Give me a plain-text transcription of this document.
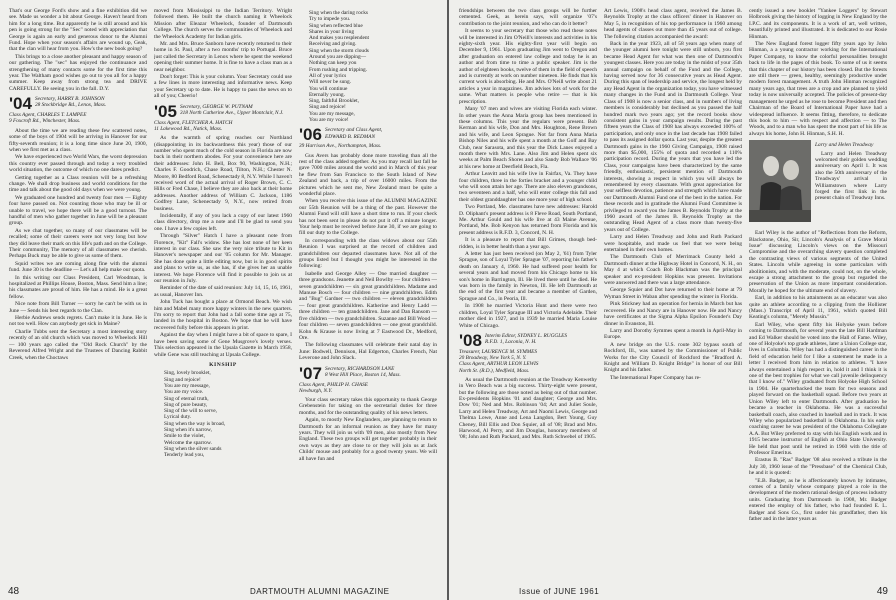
That's our George Ford's show and a fine exhibition did we see. Made us wonder a bit about George. Haven't heard from him for a long time. But apparently he is still around and his pen is going strong for the "Sec" noted with appreciation that George is again an early and generous donor to the Alumni Fund. Hope when your season's affairs are wound up, Geak, that the clan will hear from you. How's the new book going?

This brings to a close another pleasant and happy season of our gathering. The "sec" has enjoyed the continuance and strengthening of many contacts some for the first time this year. The Waltham good wishes go out to you all for a happy summer. Keep away from strong tea and DRIVE CAREFULLY. Be seeing you in the fall. D.Y.

'04 Secretary, HARRY B. JOHNSON
28 Stockbridge Rd., Lenox, Mass.
Class Agent, CHARLES T. LAMPEE
9 Foxcroft Rd., Winchester, Mass.

About the time we are reading these few scattered notes, some of the boys of 1904 will be arriving in Hanover for our fifty-seventh reunion; it is a long time since June 20, 1900, when we first met as a class.

We have experienced two World Wars, the worst depression this country ever passed through and today a very troubled world situation, the outcome of which no one dares predict.

Getting together as a Class reunion will be a refreshing change. We shall drop business and world conditions for the time and talk about the good old days when we were young.

We graduated one hundred and twenty four men — Eighty four have passed on. Not counting those who may be ill or unable to travel, we hope there will be a good turnout. The handful of men who gather together in June will be a pleasant group.

As we chat together, so many of our classmates will be recalled; some of their careers were not very long but how they did leave their mark on this life's path and on the College. Their community, The memory of all classmates we cherish. Perhaps Buck may be able to give us some of them.

Squid writes we are coming along fine with the alumni fund. June 30 is the deadline — Let's all help make our quota.

In this writing our Class President, Carl Woodman, is hospitalized at Phillips House, Boston, Mass. Send him a line; his classmates are proud of him. He has a mind. He is a great fellow.

Nice note from Bill Turner — sorry he can't be with us in June — Sends his best regards to the Clan.

Herbie Andrews sends regrets. Can't make it in June. He is not too well. How can anybody get sick in Maine?

Charlie Tubbs sent the Secretary a most interesting story recently of an old church which was moved to Wheelock Hill — 100 years ago called the "Old Rock Church" by the Reverend Alfred Wright and the Trustees of Dancing Rabbit Creek, when the Choctaws

moved from Mississippi to the Indian Territory. Wright followed them. He built the church naming it Wheelock Mission after Eleazar Wheelock, founder of Dartmouth College. The church serves the communities of Wheelock and the Wheelock Academy for Indian girls.

Mr. and Mrs. Bruce Sanborn have recently returned to their home in St. Paul, after a two months' trip to Portugal. Bruce just called the Secretary in Lenox where he spent the weekend opening their summer home. It is fine to have a class man as a near neighbor.

Don't forget: This is your column. Your Secretary could use a few lines in more interesting and informative news. Keep your Secretary up to date. He is happy to pass the news on to all of you; Cheerio!

'05 Secretary, GEORGE W. PUTNAM
318 North Catherine Ave., Upper Montclair, N.J.
Class Agent, FLETCHER A. HATCH
11 Lakewood Rd., Natick, Mass.

As the warmth of spring reaches our Northland (disappointing in its backwardness this year) those of our number who spent much of the cold season in Florida are now back in their northern abodes. For your convenience here are their addresses: John H. Bell, Box 90, Washington, N.H.; Charles F. Goodrich, Chase Road, Tilton, N.H.; Chester N. Moore, 80 Bedford Road, Schenectady 8, N.Y. While I haven't received word of the actual arrival of Roger Brown, C. C. Hills or Fred Chase, I believe they are also back at their home addresses. Another address of William C. Jackson, 1186 Godfrey Lane, Schenectady 9, N.Y., now retired from business.

Incidentally, if any of you lack a copy of our latest 1960 class directory, drop me a note and I'll be glad to send you one. I have a few copies left.

Through "Silver" Hatch I have a pleasant note from Florence, "Kit" Fall's widow. She has lost none of her keen interest in our class. She saw the very nice tribute to Kit in Hanover's newspaper and our '05 column for Mr. Manager. She has done quite a little editing now, but is in good spirits and plans to write us, as she has, if she gives her an unable interest. We hope Florence will find it possible to join us at our reunion in July.

Reminder of the date of said reunion: July 14, 15, 16, 1961, as usual, Hanover Inn.

John Tuck has bought a place at Ormond Beach. We wish him and Mabel many more happy winters in the new quarters. I'm sorry to report that John had a fall some time ago at 75, landed in the hospital in Boston. We hope that he will have recovered fully before this appears in print.

Against the day when I might have a bit of space to spare, I have been saving some of Gene Musgrove's lovely verses. This selection appeared in the Upsala Gazette in March 1958, while Gene was still teaching at Upsala College.

KINSHIP
Sing, lovely brooklet,
Sing and rejoice!
You are my message,
You are my voice.
Sing of eternal truth,
Sing of pure beauty,
Sing of the will to serve,
Lyrical duty.
Sing when the way is broad,
Sing when it's narrow,
Smile to the violet,
Welcome the sparrow.
Sing when the silver sands
Tenderly lead you,
Sing when the daring rocks
Try to impede you.
Sing when reflected blue
Shares in your living
And makes you resplendent
Receiving and giving.
Sing when the storm clouds
Around you are dipping—
Nothing can keep you
From rushing and tripping.
All of your lyrics
Will never be sung.
You will continue
Eternally young.
Sing, faithful Brooklet,
Sing and rejoice!
You are my message,
You are my voice!
'06 Secretary and Class Agent,
EDWARD B. REDMAN
39 Harrison Ave., Northampton, Mass.

Gus Avers has probably done more traveling than all the rest of the class added together. As you may recall last fall he gave 7000 miles around the world and in March of this year he flew from San Francisco to the South Island of New Zealand and back, a trip of over 16000 miles. From the pictures which he sent me, New Zealand must be quite a wonderful place.

When you receive this issue of the ALUMNI MAGAZINE our 55th Reunion will be a thing of the past. However the Alumni Fund will still have a short time to run. If your check has not been sent in please do not put it off a minute longer. Your help must be received before June 30, if we are going to fill our duty to the College.

In corresponding with the class widows about our 55th Reunion I was surprised at the record of children and grandchildren our departed classmates have. Not all of the groups listed but I thought you might be interested in the following:

Isabelle and George Alley — One married daughter — three grandsons. Jeanette and Neil Bowlby — four children — seven grandchildren — six great grandchildren. Madame and Manuse Bosch — four children — nine grandchildren. Edith and "Bug" Gardner — two children — eleven grandchildren — four great grandchildren. Katherine and Henry Ladd — three children — ten grandchildren. Jane and Dan Ransom — five children — two grandchildren. Suzanne and Bill Wood — four children — seven grandchildren — one great grandchild. Kohn & Krause is now living at 7 Eastwood Dr., Medford, Ore.

The following classmates will celebrate their natal day in June: Bodwell, Dennison, Hal Edgerton, Charles French, Nat Leverone and John Slack.

'07 Secretary, RICHARDSON LANE
8 West Hill Place, Boston 14, Mass.
Class Agent, PHILIP H. CHASE
Newburgh, N.Y.

Your class secretary takes this opportunity to thank George Grebenstein for taking on the secretarial duties for three months, and for the outstanding quality of his news letters.

Again, to mostly New Englanders, are planning to return to Dartmouth for an informal reunion as they have for many years. They will join us with '09 men, also mostly from New England. These two groups will get together probably in their own ways as they are close to or they will join us at Jack Childs' mouse and probably for a good twenty years. We will all have fun and

48	DARTMOUTH ALUMNI MAGAZINE

friendships between the two class groups will be further cemented. Geek, as herein says, will organize '07's contribution to the joint reunion, and who can do it better?

It seems to your secretary that those who read these notes will be interested in Jim O'Neill's interests and activities in his eighty-sixth year. His eighty-first year will begin on December 9, 1961. Upon graduating Jim went to Oregon and after graduation on entered law college and today he is an author and from time to time a public speaker. Jim is the author of eighteen books, twelve of them in the field of speech and is currently at work on number nineteen. He finds that his current work is absorbing. He and Mrs. O'Neill write about 21 articles a year in magazines. Jim advises lots of work for the same. What matters is people who retire — that is his prescription.

Many '07 men and wives are visiting Florida each winter. In other years the Anna Maria group has been mentioned in these columns. This year the regulars were present. Bob Kerman and his wife, Don and Mrs. Houghton, Rene Brown and his wife, and Leon Sprague. Not far from Anna Maria Bishop Niles and his wife spent a month at the Golf and Bay Club, near Sarasota, and this year the Dick Lanes enjoyed a month there with Mrs. Lane. Also Jim and Helen spent six weeks at Palm Beach Shores and also Sandy Bob Wallace '06 at his new home at Deerfield Beach, Fla.

Arthur Leavitt and his wife live in Fairfax, Va. They have four children, three in the forties bracket and a younger child who will soon attain her age. There are also eleven grandsons, two seventeen and a half, who will enter college this fall and their oldest granddaughter has one more year of high school.

Two Portland, Me. classmates have new addresses: Harold D. Oliphant's present address is 8 Fleve Road, South Portland, Me. Arthur Gould and his wife live at 43 Maine Avenue, Portland, Me. Bob Kenyon has returned from Florida and his present address is R.F.D. 3, Concord, N. H.

It is a pleasure to report that Bill Grimes, though bed-ridden, is in better health than a year ago.

A letter has just been received (on May 2, '61) from Tyler Sprague, son of Loyal Tyler Sprague '07, reporting his father's death on January 4, 1960. He had suffered poor health for several years and had moved from his Chicago home to his son's home in Barrington, Ill. He lived there until he died. He was born in the family in Newton, Ill. He left Dartmouth at the end of the first year and became a member of Garden, Sprague and Co., in Peoria, Ill.

In 1908 he married Victoria Hunt and there were two children, Loyal Tyler Sprague III and Victoria Adelaide. Their mother died in 1927, and in 1939 he married Maria Louise White of Chicago.

'08 Interim Editor, SYDNEY L. RUGGLES
R.F.D. 1, Laconia, N. H.
Treasurer, LAURENCE M. SYMMES
20 Broadway, New York 5, N. Y.
Class Agent, ARTHUR LEON LEWIS
North St. (R.D.), Medfield, Mass.

As usual the Dartmouth reunion at the Treadway Kenwethy in Vero Beach was a big success. Thirty-eight were present, but the following are those noted as being out of that number. Ex-presidents Hopkins '01 and daughter; George and Mrs. Dow '01; Ned and Mrs. Robinson '04; Art and Juliet Soule, Larry and Helen Treadway, Art and Naomi Lewis, George and Thelma Lowe, Anne and Lena Langdon, Bert Young, Guy Cheney, Bill Ellis and Don Squier, all of '08; Brad and Mrs. Harwood, Al Perry, and Jim Douglas, honorary members of '08; John and Ruth Packard, and Mrs. Ruth Schwebel of 1905.

Art Lewis, 1908's head class agent, received the James B. Reynolds Trophy at the class officers' dinner in Hanover on May 5, in recognition of his top performance in 1960 among head agents of classes out more than 45 years out of college. The following citation accompanied the award:

Back in the year 1923, all of 58 years ago when many of the younger alumni here tonight were still unborn, you first became Head Agent for what was then one of Dartmouth's youngest classes. Here you are today in the midst of your 35th annual campaign on behalf of the Fund and the College, having served now for 36 consecutive years as Head Agent. During this span of leadership and service, the longest held by any Head Agent in the organization today, you have witnessed many changes in the Fund and in Dartmouth College. Your Class of 1908 is now a senior class, and in numbers of living members is considerably but declined as you passed the half hundred mark two years ago; yet the record books show consistent gains in your campaign results. During the past fifteen years the Class of 1908 has always exceeded 100% of participation, and only once in the last decade has 1908 failed to pass its assigned dollar quota. Last year, despite the greatest Dartmouth gains in the 1960 Giving Campaign, 1908 raised more than $5,000, 155% of quota and recorded a 110% participation record. During the years that you have led the Class, your campaigns have been characterized by the same friendly, enthusiastic, persistent mention of Dartmouth interests, showing a respect in which you will always be remembered by every classmate. With great appreciation for your selfless devotion, patience and strength which have made our Dartmouth Alumni Fund one of the best in the nation. For these records and in gratitude the Alumni Fund Committee is privileged to award you the James B. Reynolds Trophy at the 1960 award of the James B. Reynolds Trophy as the outstanding Head Agent of a class more than twenty-five years out of College.

Larry and Helen Treadway and John and Ruth Packard were hospitable, and made us feel that we were being entertained in their own homes.

The Dartmouth Club of Merrimack County held a Dartmouth dinner at the Highway Hotel in Concord, N. H., on May 4 at which Coach Bob Blackman was the principal speaker and ex-president Hopkins was present. Invitations were answered and there was a large attendance.

George Squier and Dot have returned to their home at 79 Wyman Street in Waban after spending the winter in Florida.

Pink Stickney had an operation for hernia in March but has recovered. He and Nancy are in Hanover now. He and Nancy have certificates at the Sigma Alpha Epsilon Founder's Day dinner in Evanston, Ill.

Larry and Dorothy Symmes spent a month in April-May in Europe.

A new bridge on the U.S. route 302 bypass south of Rockford, Ill., was named by the Commissioner of Public Works for the City Council of Rockford the "Bradford A. Knight and William D. Knight Bridge" in honor of our Bill Knight and his father.

The International Paper Company has re-

cently issued a new booklet "Yankee Loggers" by Stewart Holbrook giving the history of logging in New England by the I.P.C. and its components. It is a work of art, well written, beautifully printed and illustrated. It is dedicated to our Rosie Hinman.

The New England forest logger fifty years ago by John Hinman, a a young contractor working for the International Paper Company, to know the colorful personalities brought back to life in the pages of this book. To some of us it seems that this chapter of our history has been closed. But the forests are still there — green, healthy, seemingly productive under modern forest management. A truth John Hinman recognized many years ago, that trees are a crop and are planned to yield today is now universally accepted. The policies of present-day management he urged as he rose to become President and then Chairman of the Board of International Paper have had a widespread influence. It seems fitting, therefore, to dedicate this book to him — with respect and affection — to The Woods, and to a man who has spent the most part of his life as always his home, John H. Hinman, S.H. H.

Larry and Helen Treadway

Larry and Helen Treadway welcomed their golden wedding anniversary on April 1. It was also the 50th anniversary of the Treadways' arrival in Williamstown where Larry forged the first link in the present chain of Treadway Inns.

Earl Wiley is the author of "Reflections from the Reform, Blackstone, Ohio, Sir, Lincoln's Analysis of a Grave Moral Issue" discussing Lincoln's views on the Missouri Compromise and the overarching slavery question completed the contrasting views of various segments of the United States. Lincoln while agreeing in some particulars with abolitionists, and with the moderate, could not, on the whole, escape a strong attachment to the group but regarded the preservation of the Union as more important consideration. Morally he hoped for the ultimate end of slavery.

Earl, in addition to his attainments as an educator was also quite an athlete according to a clipping from the Hollister (Mass.) Transcript of April 11, 1961, which quoted Bill Keating's column, "Merely Mussin."

Earl Wiley, who spent fifty his Holyoke years before coming to Dartmouth, for several years the late Bill Hardman and Ed Walker should be voted into the Hall of Fame. Wiley, one of Holyoke's top grade athletes, later a Union College star, lives in Columbia. Wiley has had a distinguished career in the field of education held for I like a statement he made in a letter I received from him in relation to athletes. "I have always entertained a high respect in, hold it and I think it is one of the best trophies for what we call juvenile delinquency that I know of." Wiley graduated from Holyoke High School in 1904. He quarterbacked the team for two seasons and played forward on the basketball squad. Before two years at Union Wiley left to enter Dartmouth. After graduation he became a teacher in Oklahoma. He was a successful basketball coach, also coached in baseball and in track. It was Wiley who popularized basketball in Oklahoma. In his early coaching career he was president of the Oklahoma Collegiate A.A. But Wiley preferred to stay with his English work and in 1915 became instructor of English at Ohio State University. He held that post until he retired in 1960 with the title of Professor Emeritus.

Erastus B. "Ras" Badger '08 also received a tribute in the July 30, 1960 issue of the "Pressbase" of the Chemical Club, he and it is quoted:

"E.B. Badger, as he is affectionately known by intimates, comes of a family whose company played a role in the development of the modern rational design of process industry units. Graduating from Dartmouth in 1908, Mr. Badger entered the employ of his father, who had founded E. L. Badger and Sons Co., first under his grandfather, then his father and in the latter years as

Issue of JUNE 1961	49
